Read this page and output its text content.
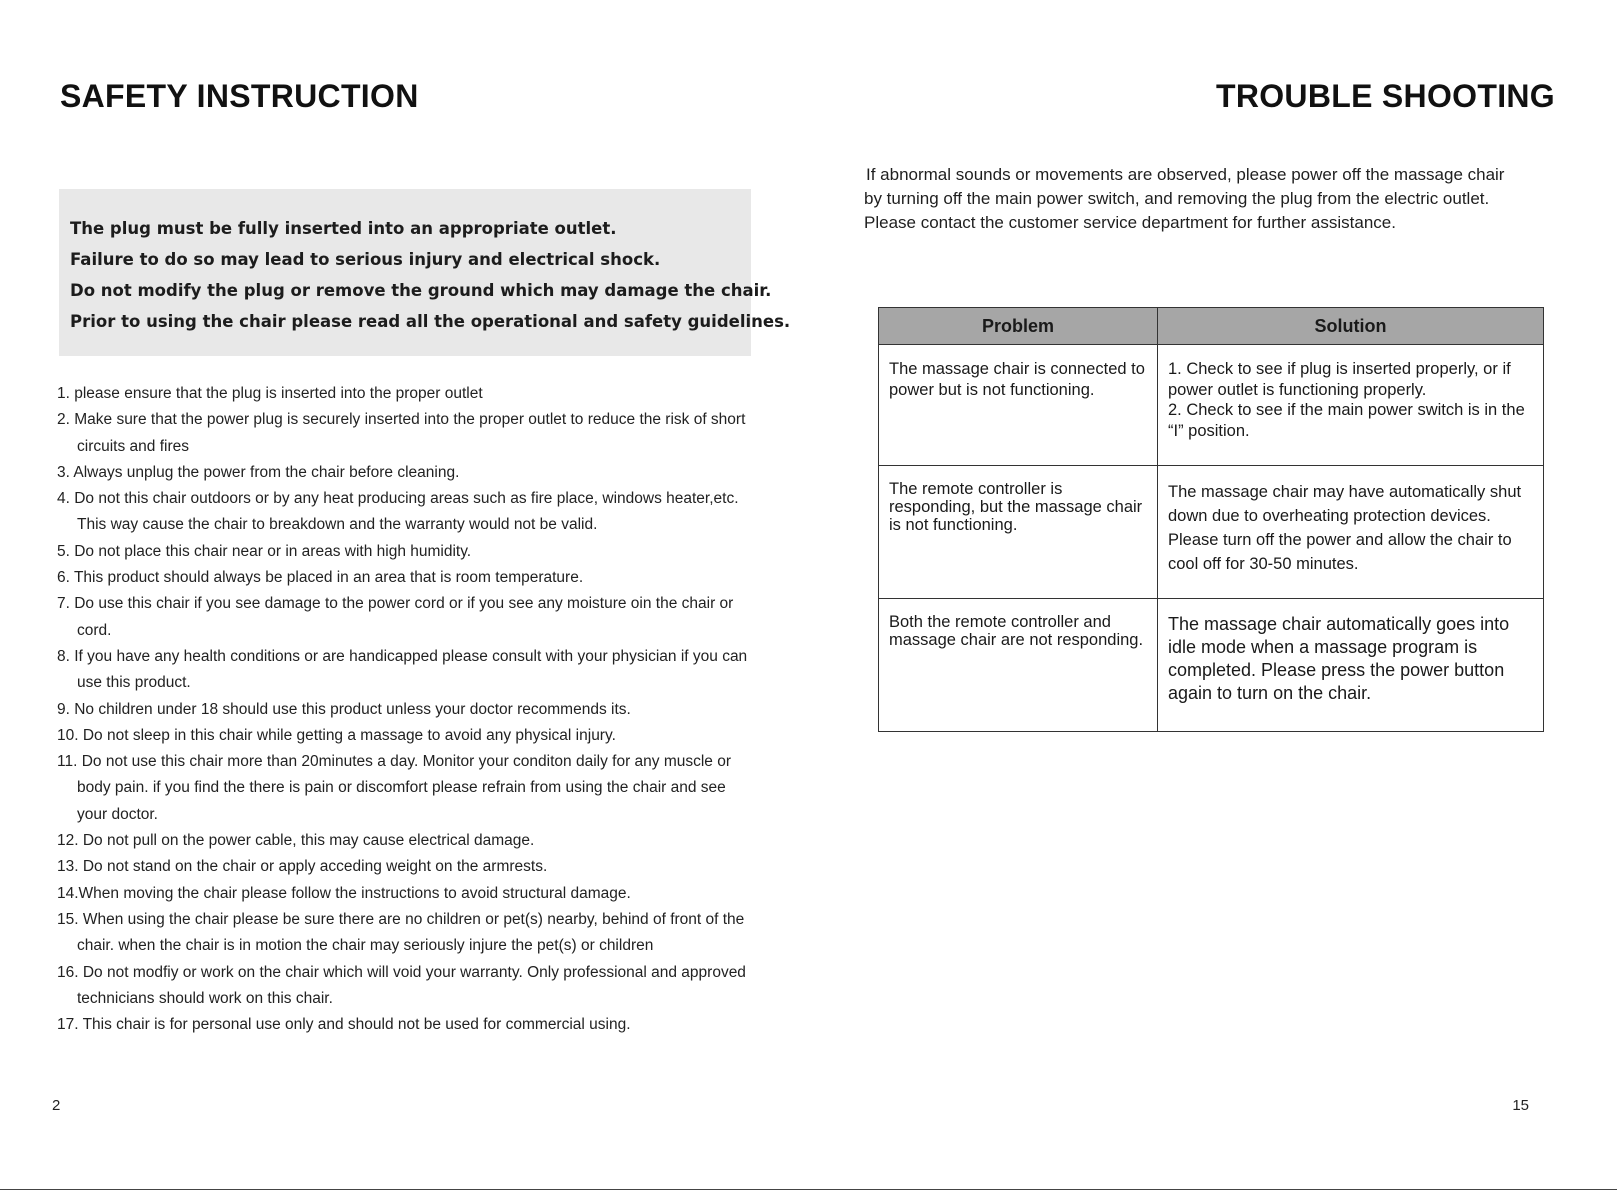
SAFETY INSTRUCTION
The plug must be fully inserted into an appropriate outlet.
Failure to do so may lead to serious injury and electrical shock.
Do not modify the plug or remove the ground which may damage the chair.
Prior to using the chair please read all the operational and safety guidelines.
1. please ensure that the plug is inserted into the proper outlet
2. Make sure that the power plug is securely inserted into the proper outlet to reduce the risk of short circuits and fires
3. Always unplug the power from the chair before cleaning.
4. Do not this chair outdoors or by any heat producing areas such as fire place, windows heater,etc. This way cause the chair to breakdown and the warranty would not be valid.
5. Do not place this chair near or in areas with high humidity.
6. This product should always be placed in an area that is room temperature.
7. Do use this chair if you see damage to the power cord or if you see any moisture oin the chair or cord.
8. If you have any health conditions or are handicapped please consult with your physician if you can use this product.
9. No children under 18 should use this product unless your doctor recommends its.
10. Do not sleep in this chair while getting a massage to avoid any physical injury.
11. Do not use this chair more than 20minutes a day. Monitor your conditon daily for any muscle or body pain. if you find the there is pain or discomfort please refrain from using the chair and see your doctor.
12. Do not pull on the power cable, this may cause electrical damage.
13. Do not stand on the chair or apply acceding weight on the armrests.
14.When moving the chair please follow the instructions to avoid structural damage.
15. When using the chair please be sure there are no children or pet(s) nearby, behind of front of the chair. when the chair is in motion the chair may seriously injure the pet(s) or children
16. Do not modfiy or work on the chair which will void your warranty. Only professional and approved technicians should work on this chair.
17. This chair is for personal use only and should not be used for commercial using.
2
TROUBLE SHOOTING
If abnormal sounds or movements are observed, please power off the massage chair
by turning off the main power switch, and removing the plug from the electric outlet.
Please contact the customer service department for further assistance.
Problem	Solution
The massage chair is connected to power but is not functioning.	1. Check to see if plug is inserted properly, or if power outlet is functioning properly.
2. Check to see if the main power switch is in the “I” position.
The remote controller is responding, but the massage chair is not functioning.	The massage chair may have automatically shut down due to overheating protection devices. Please turn off the power and allow the chair to cool off for 30-50 minutes.
Both the remote controller and massage chair are not responding.	The massage chair automatically goes into idle mode when a massage program is completed. Please press the power button again to turn on the chair.
15
